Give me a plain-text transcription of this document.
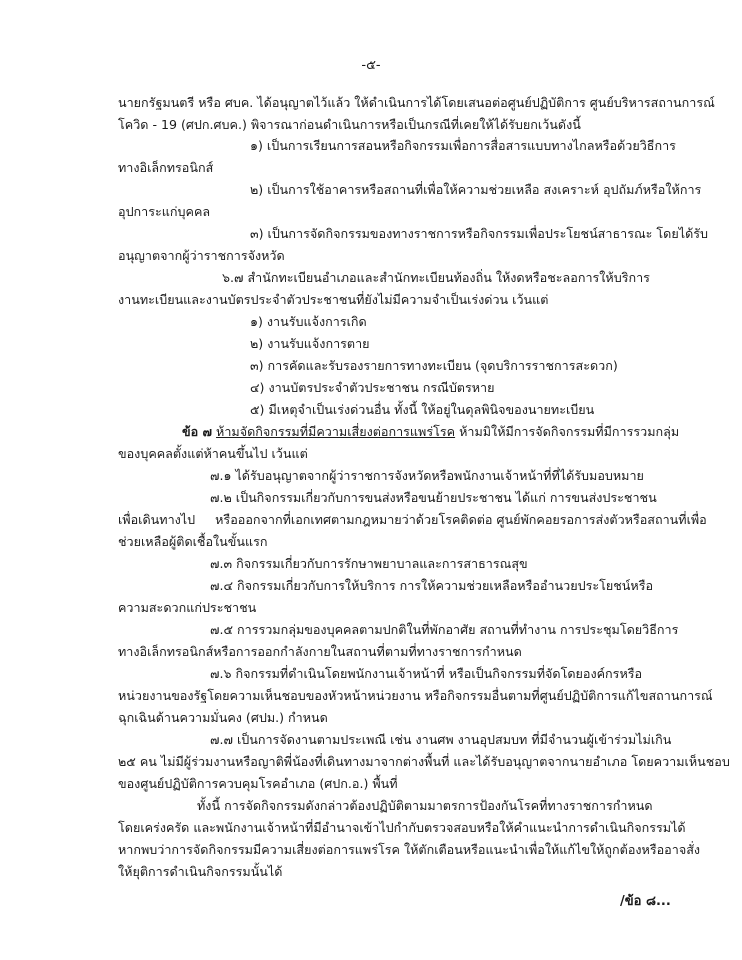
-๕-
นายกรัฐมนตรี หรือ ศบค. ได้อนุญาตไว้แล้ว ให้ดำเนินการได้โดยเสนอต่อศูนย์ปฏิบัติการ ศูนย์บริหารสถานการณ์
โควิด - 19 (ศปก.ศบค.) พิจารณาก่อนดำเนินการหรือเป็นกรณีที่เคยให้ได้รับยกเว้นดังนี้
๑) เป็นการเรียนการสอนหรือกิจกรรมเพื่อการสื่อสารแบบทางไกลหรือด้วยวิธีการ
ทางอิเล็กทรอนิกส์
๒) เป็นการใช้อาคารหรือสถานที่เพื่อให้ความช่วยเหลือ สงเคราะห์ อุปถัมภ์หรือให้การ
อุปการะแก่บุคคล
๓) เป็นการจัดกิจกรรมของทางราชการหรือกิจกรรมเพื่อประโยชน์สาธารณะ โดยได้รับ
อนุญาตจากผู้ว่าราชการจังหวัด
๖.๗ สำนักทะเบียนอำเภอและสำนักทะเบียนท้องถิ่น ให้งดหรือชะลอการให้บริการ
งานทะเบียนและงานบัตรประจำตัวประชาชนที่ยังไม่มีความจำเป็นเร่งด่วน เว้นแต่
๑) งานรับแจ้งการเกิด
๒) งานรับแจ้งการตาย
๓) การคัดและรับรองรายการทางทะเบียน (จุดบริการราชการสะดวก)
๔) งานบัตรประจำตัวประชาชน กรณีบัตรหาย
๕) มีเหตุจำเป็นเร่งด่วนอื่น ทั้งนี้ ให้อยู่ในดุลพินิจของนายทะเบียน
ข้อ ๗ ห้ามจัดกิจกรรมที่มีความเสี่ยงต่อการแพร่โรค ห้ามมิให้มีการจัดกิจกรรมที่มีการรวมกลุ่ม
ของบุคคลตั้งแต่ห้าคนขึ้นไป เว้นแต่
๗.๑ ได้รับอนุญาตจากผู้ว่าราชการจังหวัดหรือพนักงานเจ้าหน้าที่ที่ได้รับมอบหมาย
๗.๒ เป็นกิจกรรมเกี่ยวกับการขนส่งหรือขนย้ายประชาชน ได้แก่ การขนส่งประชาชน
เพื่อเดินทางไป     หรือออกจากที่เอกเทศตามกฎหมายว่าด้วยโรคติดต่อ ศูนย์พักคอยรอการส่งตัวหรือสถานที่เพื่อ
ช่วยเหลือผู้ติดเชื้อในขั้นแรก
๗.๓ กิจกรรมเกี่ยวกับการรักษาพยาบาลและการสาธารณสุข
๗.๔ กิจกรรมเกี่ยวกับการให้บริการ การให้ความช่วยเหลือหรืออำนวยประโยชน์หรือ
ความสะดวกแก่ประชาชน
๗.๕ การรวมกลุ่มของบุคคลตามปกติในที่พักอาศัย สถานที่ทำงาน การประชุมโดยวิธีการ
ทางอิเล็กทรอนิกส์หรือการออกกำลังกายในสถานที่ตามที่ทางราชการกำหนด
๗.๖ กิจกรรมที่ดำเนินโดยพนักงานเจ้าหน้าที่ หรือเป็นกิจกรรมที่จัดโดยองค์กรหรือ
หน่วยงานของรัฐโดยความเห็นชอบของหัวหน้าหน่วยงาน หรือกิจกรรมอื่นตามที่ศูนย์ปฏิบัติการแก้ไขสถานการณ์
ฉุกเฉินด้านความมั่นคง (ศปม.) กำหนด
๗.๗ เป็นการจัดงานตามประเพณี เช่น งานศพ งานอุปสมบท ที่มีจำนวนผู้เข้าร่วมไม่เกิน
๒๕ คน ไม่มีผู้ร่วมงานหรือญาติพี่น้องที่เดินทางมาจากต่างพื้นที่ และได้รับอนุญาตจากนายอำเภอ โดยความเห็นชอบ
ของศูนย์ปฏิบัติการควบคุมโรคอำเภอ (ศปก.อ.) พื้นที่
ทั้งนี้ การจัดกิจกรรมดังกล่าวต้องปฏิบัติตามมาตรการป้องกันโรคที่ทางราชการกำหนด
โดยเคร่งครัด และพนักงานเจ้าหน้าที่มีอำนาจเข้าไปกำกับตรวจสอบหรือให้คำแนะนำการดำเนินกิจกรรมได้
หากพบว่าการจัดกิจกรรมมีความเสี่ยงต่อการแพร่โรค ให้ตักเตือนหรือแนะนำเพื่อให้แก้ไขให้ถูกต้องหรืออาจสั่ง
ให้ยุติการดำเนินกิจกรรมนั้นได้
/ข้อ ๘...
